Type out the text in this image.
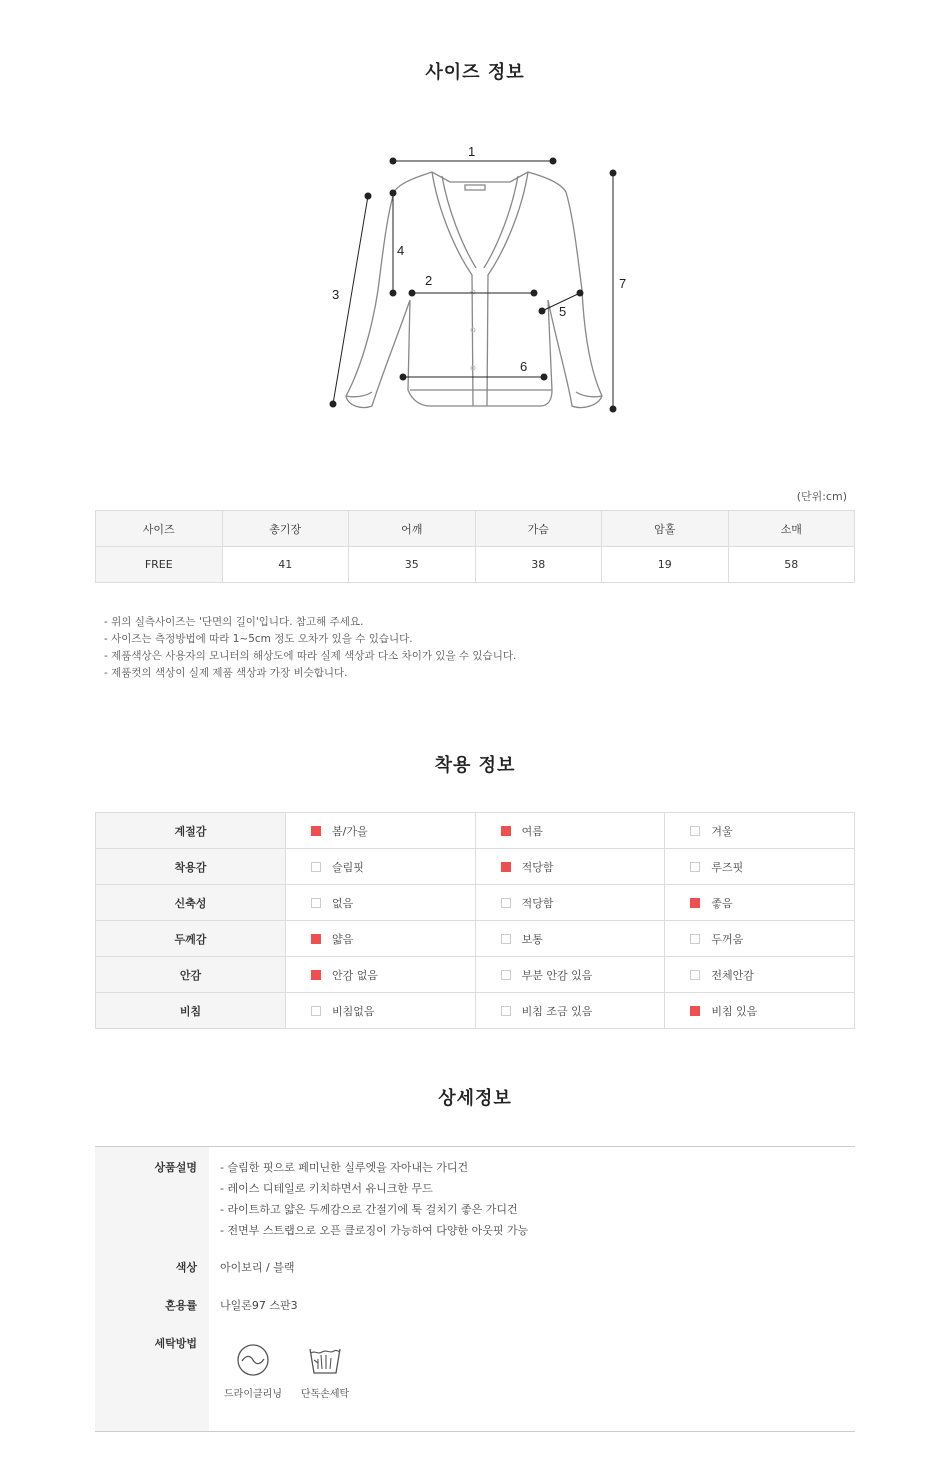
사이즈 정보
1
2
3
4
5
6
7
(단위:cm)
사이즈	총기장	어깨	가슴	암홀	소매
FREE	41	35	38	19	58
- 위의 실측사이즈는 '단면의 길이'입니다. 참고해 주세요.
- 사이즈는 측정방법에 따라 1~5cm 정도 오차가 있을 수 있습니다.
- 제품색상은 사용자의 모니터의 해상도에 따라 실제 색상과 다소 차이가 있을 수 있습니다.
- 제품컷의 색상이 실제 제품 색상과 가장 비슷합니다.
착용 정보
계절감	봄/가을	여름	겨울
착용감	슬림핏	적당함	루즈핏
신축성	없음	적당함	좋음
두께감	얇음	보통	두꺼움
안감	안감 없음	부분 안감 있음	전체안감
비침	비침없음	비침 조금 있음	비침 있음
상세정보
상품설명 - 슬림한 핏으로 페미닌한 실루엣을 자아내는 가디건
- 레이스 디테일로 키치하면서 유니크한 무드
- 라이트하고 얇은 두께감으로 간절기에 툭 걸치기 좋은 가디건
- 전면부 스트랩으로 오픈 클로징이 가능하여 다양한 아웃핏 가능
색상 아이보리 / 블랙
혼용률 나일론97 스판3
세탁방법
드라이클리닝	단독손세탁
